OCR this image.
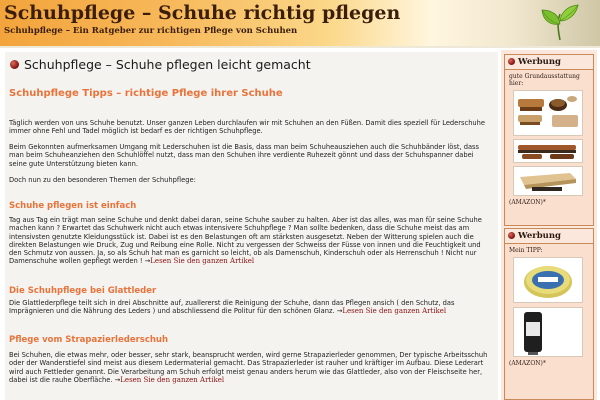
Schuhpflege – Schuhe richtig pflegen
Schuhpflege – Ein Ratgeber zur richtigen Pflege von Schuhen
Schuhpflege – Schuhe pflegen leicht gemacht
Schuhpflege Tipps – richtige Pflege ihrer Schuhe

Täglich werden von uns Schuhe benutzt. Unser ganzen Leben durchlaufen wir mit Schuhen an den Füßen. Damit dies speziell für Lederschuhe immer ohne Fehl und Tadel möglich ist bedarf es der richtigen Schuhpflege.

Beim Gekonnten aufmerksamen Umgang mit Lederschuhen ist die Basis, dass man beim Schuheausziehen auch die Schuhbänder löst, dass man beim Schuheanziehen den Schuhlöffel nutzt, dass man den Schuhen ihre verdiente Ruhezeit gönnt und dass der Schuhspanner dabei seine gute Unterstützung bieten kann.

Doch nun zu den besonderen Themen der Schuhpflege:

Schuhe pflegen ist einfach

Tag aus Tag ein trägt man seine Schuhe und denkt dabei daran, seine Schuhe sauber zu halten. Aber ist das alles, was man für seine Schuhe machen kann ? Erwartet das Schuhwerk nicht auch etwas intensivere Schuhpflege ? Man sollte bedenken, dass die Schuhe meist das am intensivsten genutzte Kleidungsstück ist. Dabei ist es den Belastungen oft am stärksten ausgesetzt. Neben der Witterung spielen auch die direkten Belastungen wie Druck, Zug und Reibung eine Rolle. Nicht zu vergessen der Schweiss der Füsse von innen und die Feuchtigkeit und den Schmutz von aussen. Ja, so als Schuh hat man es garnicht so leicht, ob als Damenschuh, Kinderschuh oder als Herrenschuh ! Nicht nur Damenschuhe wollen gepflegt werden ! →Lesen Sie den ganzen Artikel

Die Schuhpflege bei Glattleder

Die Glattlederpflege teilt sich in drei Abschnitte auf, zuallererst die Reinigung der Schuhe, dann das Pflegen ansich ( den Schutz, das Imprägnieren und die Nährung des Leders ) und abschliessend die Politur für den schönen Glanz. →Lesen Sie den ganzen Artikel

Pflege vom Strapazierlederschuh

Bei Schuhen, die etwas mehr, oder besser, sehr stark, beansprucht werden, wird gerne Strapazierleder genommen, Der typische Arbeitsschuh oder der Wanderstiefel sind meist aus diesem Ledermaterial gemacht. Das Strapazierleder ist rauher und kräftiger im Aufbau. Diese Lederart wird auch Fettleder genannt. Die Verarbeitung am Schuh erfolgt meist genau anders herum wie das Glattleder, also von der Fleischseite her, dabei ist die rauhe Oberfläche. →Lesen Sie den ganzen Artikel

Werbung
gute Grundausstattung hier:
(AMAZON)*
Werbung
Mein TIPP:
(AMAZON)*
